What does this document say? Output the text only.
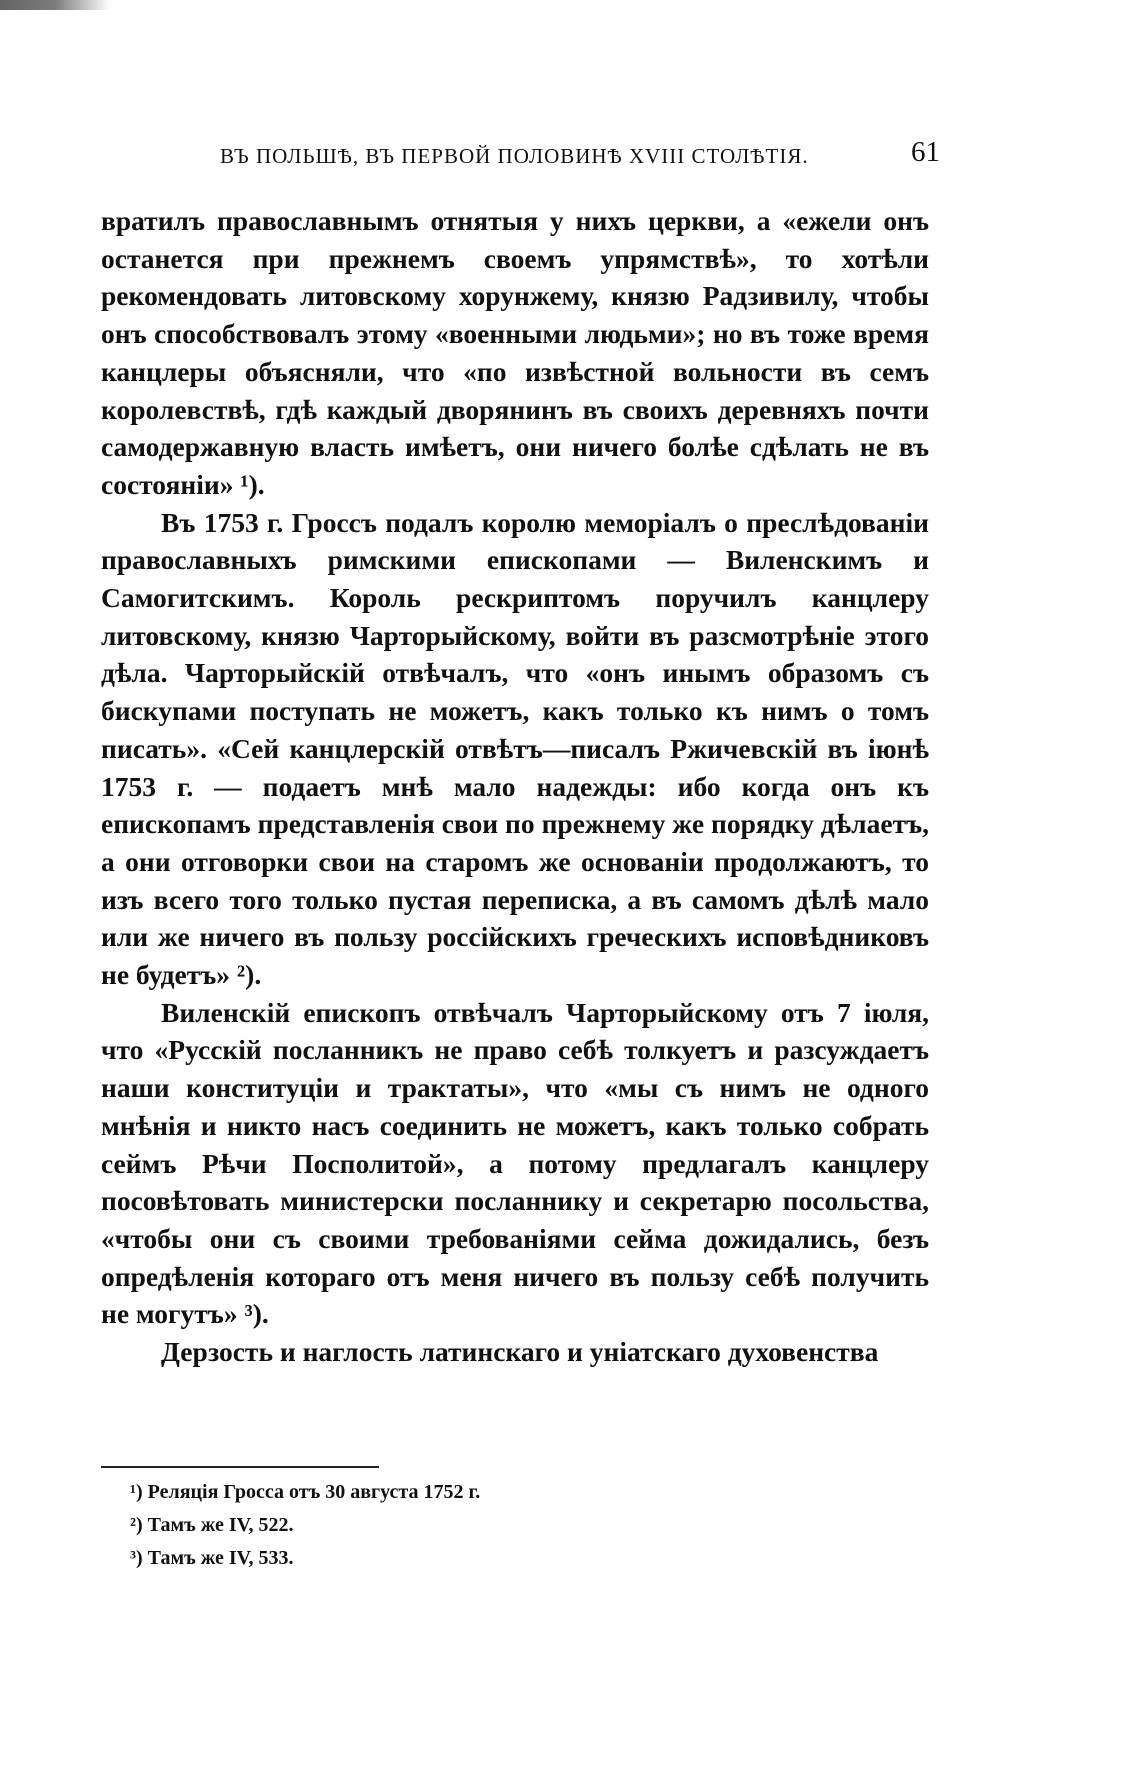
ВЪ ПОЛЬШѢ, ВЪ ПЕРВОЙ ПОЛОВИНѢ XVIII СТОЛѢТІЯ.	61

вратилъ православнымъ отнятыя у нихъ церкви, а «ежели онъ останется при прежнемъ своемъ упрямствѣ», то хотѣли рекомендовать литовскому хорунжему, князю Радзивилу, чтобы онъ способствовалъ этому «военными людьми»; но въ тоже время канцлеры объясняли, что «по извѣстной вольности въ семъ королевствѣ, гдѣ каждый дворянинъ въ своихъ деревняхъ почти самодержавную власть имѣетъ, они ничего болѣе сдѣлать не въ состояніи» ¹).

Въ 1753 г. Гроссъ подалъ королю меморіалъ о преслѣдованіи православныхъ римскими епископами — Виленскимъ и Самогитскимъ. Король рескриптомъ поручилъ канцлеру литовскому, князю Чарторыйскому, войти въ разсмотрѣніе этого дѣла. Чарторыйскій отвѣчалъ, что «онъ инымъ образомъ съ бискупами поступать не можетъ, какъ только къ нимъ о томъ писать». «Сей канцлерскій отвѣтъ—писалъ Ржичевскій въ іюнѣ 1753 г. — подаетъ мнѣ мало надежды: ибо когда онъ къ епископамъ представленія свои по прежнему же порядку дѣлаетъ, а они отговорки свои на старомъ же основаніи продолжаютъ, то изъ всего того только пустая переписка, а въ самомъ дѣлѣ мало или же ничего въ пользу россійскихъ греческихъ исповѣдниковъ не будетъ» ²).

Виленскій епископъ отвѣчалъ Чарторыйскому отъ 7 іюля, что «Русскій посланникъ не право себѣ толкуетъ и разсуждаетъ наши конституціи и трактаты», что «мы съ нимъ не одного мнѣнія и никто насъ соединить не можетъ, какъ только собрать сеймъ Рѣчи Посполитой», а потому предлагалъ канцлеру посовѣтовать министерски посланнику и секретарю посольства, «чтобы они съ своими требованіями сейма дожидались, безъ опредѣленія котораго отъ меня ничего въ пользу себѣ получить не могутъ» ³).

Дерзость и наглость латинскаго и уніатскаго духовенства

¹) Реляція Гросса отъ 30 августа 1752 г.
²) Тамъ же IV, 522.
³) Тамъ же IV, 533.
